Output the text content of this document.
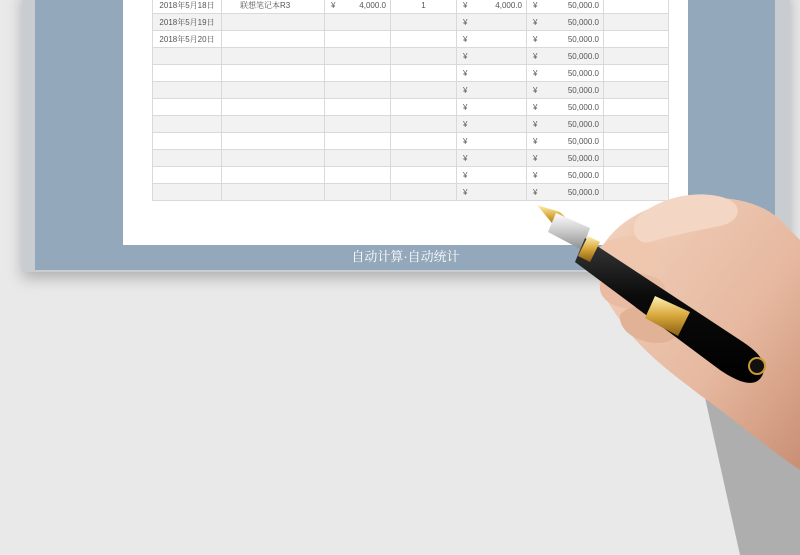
2018年5月18日	联想笔记本R3	¥ 4,000.0	1	¥ 4,000.0	¥ 50,000.0	

2018年5月19日				¥	¥ 50,000.0	

2018年5月20日				¥	¥ 50,000.0	

				¥	¥ 50,000.0	

				¥	¥ 50,000.0	

				¥	¥ 50,000.0	

				¥	¥ 50,000.0	

				¥	¥ 50,000.0	

				¥	¥ 50,000.0	

				¥	¥ 50,000.0	

				¥	¥ 50,000.0	

				¥	¥ 50,000.0	

自动计算·自动统计
